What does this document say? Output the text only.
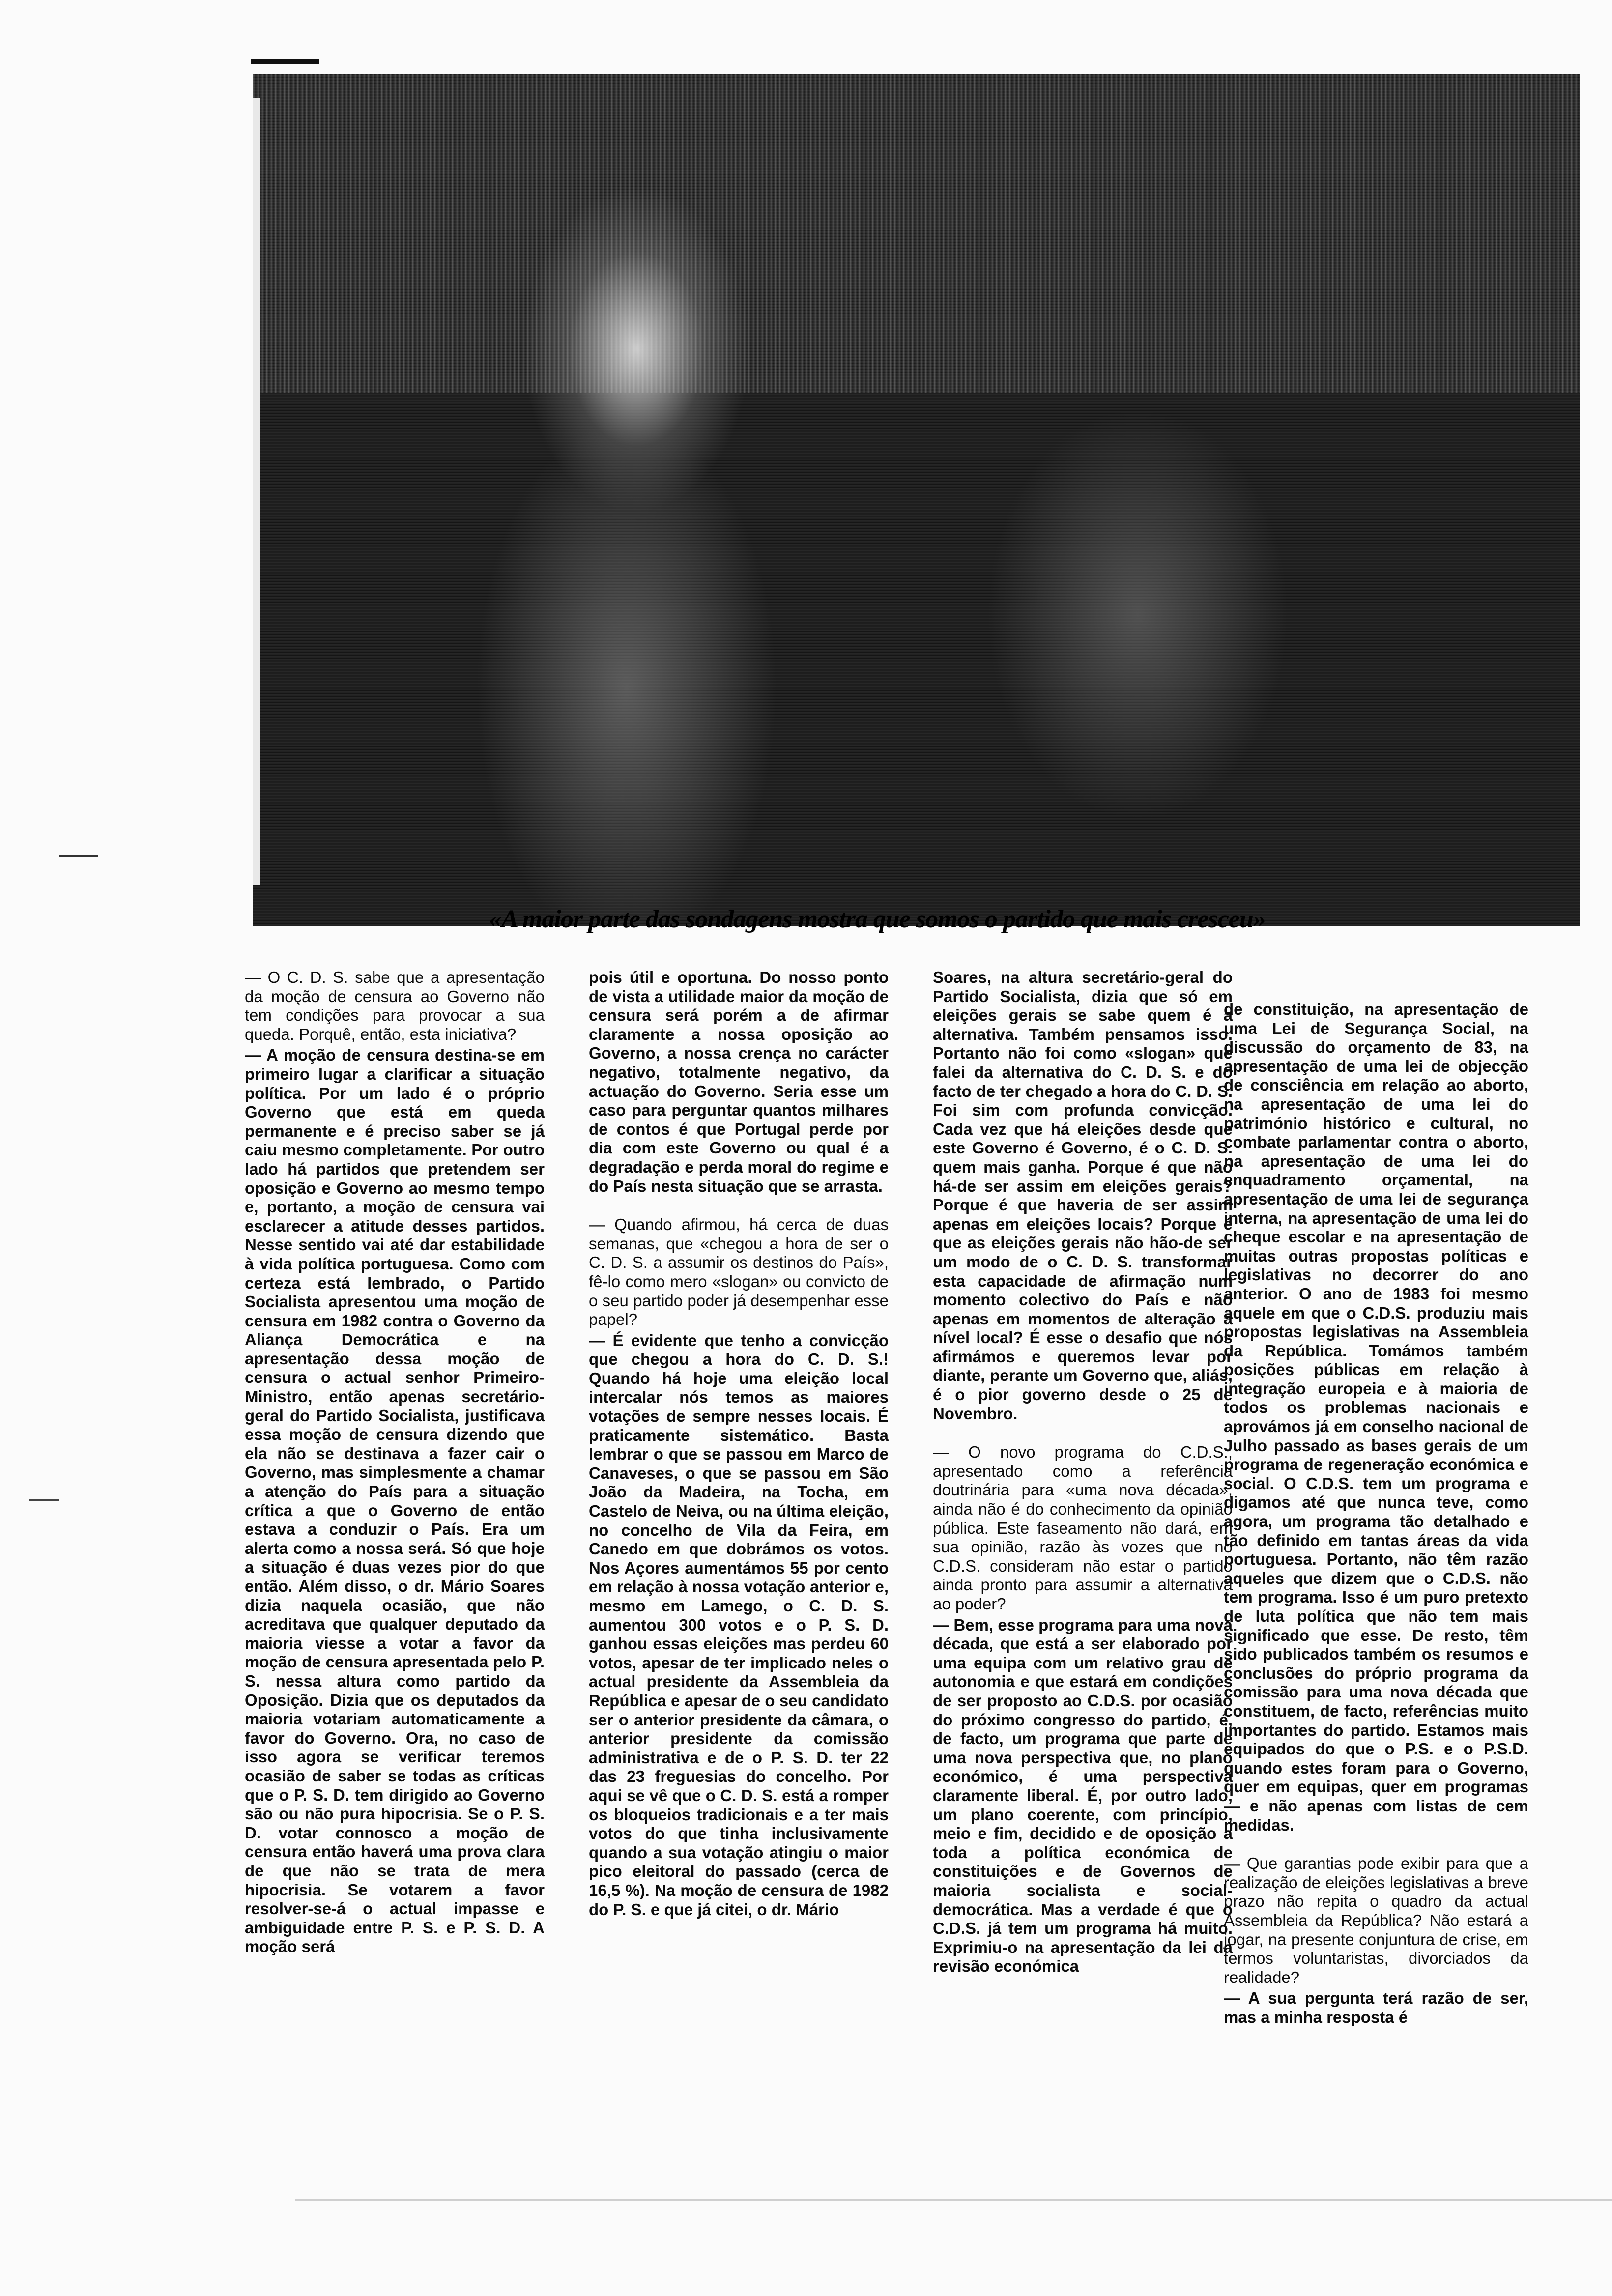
«A maior parte das sondagens mostra que somos o partido que mais cresceu»

— O C. D. S. sabe que a apresentação da moção de censura ao Governo não tem condições para provocar a sua queda. Porquê, então, esta iniciativa?

— A moção de censura destina-se em primeiro lugar a clarificar a situação política. Por um lado é o próprio Governo que está em queda permanente e é preciso saber se já caiu mesmo completamente. Por outro lado há partidos que pretendem ser oposição e Governo ao mesmo tempo e, portanto, a moção de censura vai esclarecer a atitude desses partidos. Nesse sentido vai até dar estabilidade à vida política portuguesa. Como com certeza está lembrado, o Partido Socialista apresentou uma moção de censura em 1982 contra o Governo da Aliança Democrática e na apresentação dessa moção de censura o actual senhor Primeiro-Ministro, então apenas secretário-geral do Partido Socialista, justificava essa moção de censura dizendo que ela não se destinava a fazer cair o Governo, mas simplesmente a chamar a atenção do País para a situação crítica a que o Governo de então estava a conduzir o País. Era um alerta como a nossa será. Só que hoje a situação é duas vezes pior do que então. Além disso, o dr. Mário Soares dizia naquela ocasião, que não acreditava que qualquer deputado da maioria viesse a votar a favor da moção de censura apresentada pelo P. S. nessa altura como partido da Oposição. Dizia que os deputados da maioria votariam automaticamente a favor do Governo. Ora, no caso de isso agora se verificar teremos ocasião de saber se todas as críticas que o P. S. D. tem dirigido ao Governo são ou não pura hipocrisia. Se o P. S. D. votar connosco a moção de censura então haverá uma prova clara de que não se trata de mera hipocrisia. Se votarem a favor resolver-se-á o actual impasse e ambiguidade entre P. S. e P. S. D. A moção será

pois útil e oportuna. Do nosso ponto de vista a utilidade maior da moção de censura será porém a de afirmar claramente a nossa oposição ao Governo, a nossa crença no carácter negativo, totalmente negativo, da actuação do Governo. Seria esse um caso para perguntar quantos milhares de contos é que Portugal perde por dia com este Governo ou qual é a degradação e perda moral do regime e do País nesta situação que se arrasta.

— Quando afirmou, há cerca de duas semanas, que «chegou a hora de ser o C. D. S. a assumir os destinos do País», fê-lo como mero «slogan» ou convicto de o seu partido poder já desempenhar esse papel?

— É evidente que tenho a convicção que chegou a hora do C. D. S.! Quando há hoje uma eleição local intercalar nós temos as maiores votações de sempre nesses locais. É praticamente sistemático. Basta lembrar o que se passou em Marco de Canaveses, o que se passou em São João da Madeira, na Tocha, em Castelo de Neiva, ou na última eleição, no concelho de Vila da Feira, em Canedo em que dobrámos os votos. Nos Açores aumentámos 55 por cento em relação à nossa votação anterior e, mesmo em Lamego, o C. D. S. aumentou 300 votos e o P. S. D. ganhou essas eleições mas perdeu 60 votos, apesar de ter implicado neles o actual presidente da Assembleia da República e apesar de o seu candidato ser o anterior presidente da câmara, o anterior presidente da comissão administrativa e de o P. S. D. ter 22 das 23 freguesias do concelho. Por aqui se vê que o C. D. S. está a romper os bloqueios tradicionais e a ter mais votos do que tinha inclusivamente quando a sua votação atingiu o maior pico eleitoral do passado (cerca de 16,5 %). Na moção de censura de 1982 do P. S. e que já citei, o dr. Mário

Soares, na altura secretário-geral do Partido Socialista, dizia que só em eleições gerais se sabe quem é a alternativa. Também pensamos isso. Portanto não foi como «slogan» que falei da alternativa do C. D. S. e do facto de ter chegado a hora do C. D. S. Foi sim com profunda convicção. Cada vez que há eleições desde que este Governo é Governo, é o C. D. S. quem mais ganha. Porque é que não há-de ser assim em eleições gerais? Porque é que haveria de ser assim apenas em eleições locais? Porque é que as eleições gerais não hão-de ser um modo de o C. D. S. transformar esta capacidade de afirmação num momento colectivo do País e não apenas em momentos de alteração a nível local? É esse o desafio que nós afirmámos e queremos levar por diante, perante um Governo que, aliás, é o pior governo desde o 25 de Novembro.

— O novo programa do C.D.S., apresentado como a referência doutrinária para «uma nova década», ainda não é do conhecimento da opinião pública. Este faseamento não dará, em sua opinião, razão às vozes que no C.D.S. consideram não estar o partido ainda pronto para assumir a alternativa ao poder?

— Bem, esse programa para uma nova década, que está a ser elaborado por uma equipa com um relativo grau de autonomia e que estará em condições de ser proposto ao C.D.S. por ocasião do próximo congresso do partido, é, de facto, um programa que parte de uma nova perspectiva que, no plano económico, é uma perspectiva claramente liberal. É, por outro lado, um plano coerente, com princípio, meio e fim, decidido e de oposição a toda a política económica de constituições e de Governos de maioria socialista e social-democrática. Mas a verdade é que o C.D.S. já tem um programa há muito. Exprimiu-o na apresentação da lei da revisão económica

de constituição, na apresentação de uma Lei de Segurança Social, na discussão do orçamento de 83, na apresentação de uma lei de objecção de consciência em relação ao aborto, na apresentação de uma lei do património histórico e cultural, no combate parlamentar contra o aborto, na apresentação de uma lei do enquadramento orçamental, na apresentação de uma lei de segurança interna, na apresentação de uma lei do cheque escolar e na apresentação de muitas outras propostas políticas e legislativas no decorrer do ano anterior. O ano de 1983 foi mesmo aquele em que o C.D.S. produziu mais propostas legislativas na Assembleia da República. Tomámos também posições públicas em relação à integração europeia e à maioria de todos os problemas nacionais e aprovámos já em conselho nacional de Julho passado as bases gerais de um programa de regeneração económica e social. O C.D.S. tem um programa e digamos até que nunca teve, como agora, um programa tão detalhado e tão definido em tantas áreas da vida portuguesa. Portanto, não têm razão aqueles que dizem que o C.D.S. não tem programa. Isso é um puro pretexto de luta política que não tem mais significado que esse. De resto, têm sido publicados também os resumos e conclusões do próprio programa da comissão para uma nova década que constituem, de facto, referências muito importantes do partido. Estamos mais equipados do que o P.S. e o P.S.D. quando estes foram para o Governo, quer em equipas, quer em programas — e não apenas com listas de cem medidas.

— Que garantias pode exibir para que a realização de eleições legislativas a breve prazo não repita o quadro da actual Assembleia da República? Não estará a jogar, na presente conjuntura de crise, em termos voluntaristas, divorciados da realidade?

— A sua pergunta terá razão de ser, mas a minha resposta é
